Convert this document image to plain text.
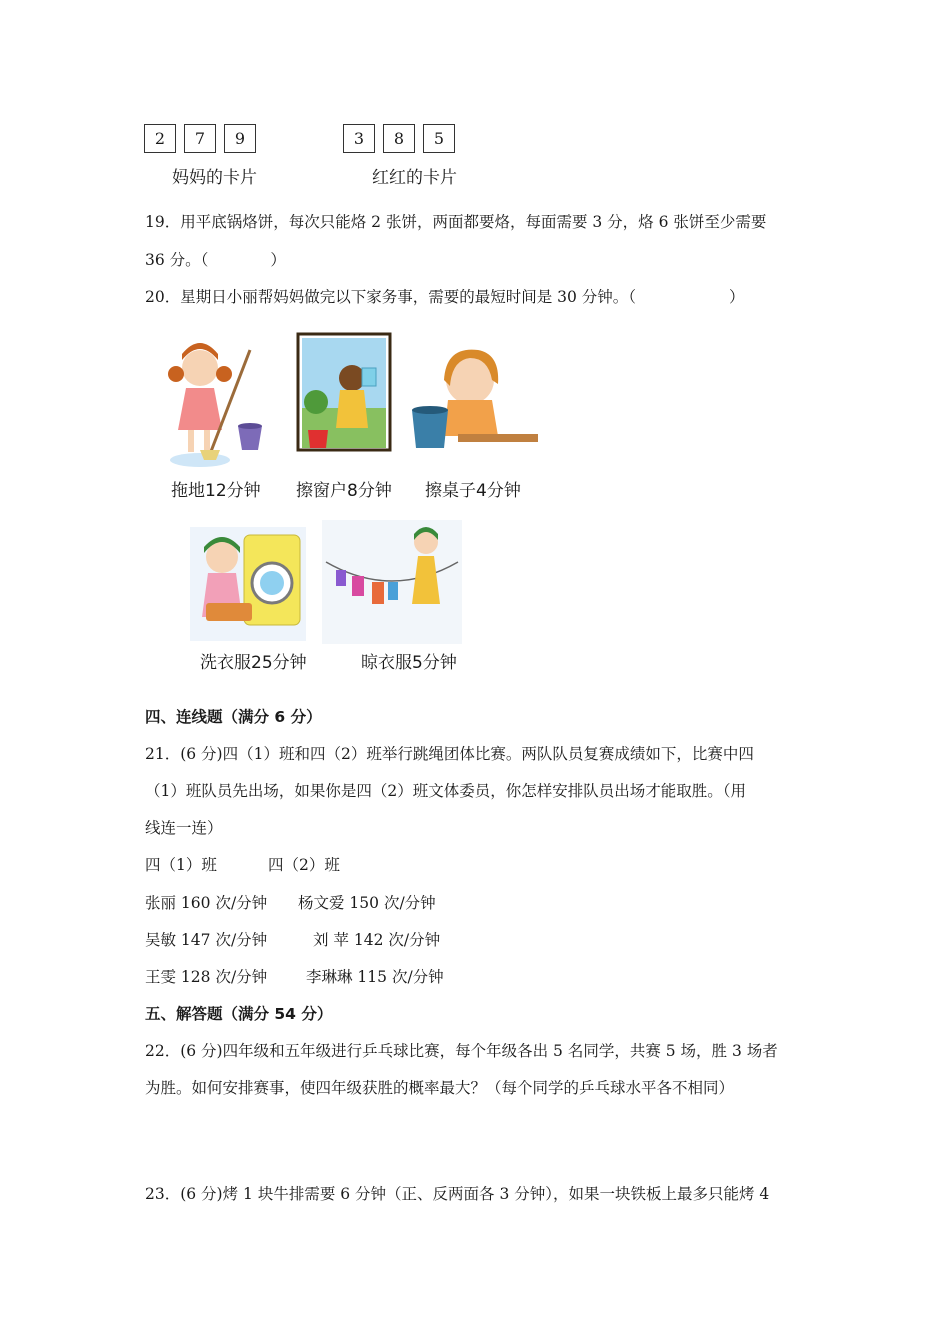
2	7	9
妈妈的卡片
3	8	5
红红的卡片
19．用平底锅烙饼，每次只能烙 2 张饼，两面都要烙，每面需要 3 分，烙 6 张饼至少需要
36 分。（　　　　）
20．星期日小丽帮妈妈做完以下家务事，需要的最短时间是 30 分钟。（　　　　　　）
拖地12分钟 擦窗户8分钟 擦桌子4分钟
洗衣服25分钟	晾衣服5分钟
四、连线题（满分 6 分）
21．(6 分)四（1）班和四（2）班举行跳绳团体比赛。两队队员复赛成绩如下，比赛中四
（1）班队员先出场，如果你是四（2）班文体委员，你怎样安排队员出场才能取胜。（用
线连一连）
四（1）班	四（2）班
张丽 160 次/分钟 杨文爱 150 次/分钟
吴敏 147 次/分钟	刘 苹 142 次/分钟
王雯 128 次/分钟	李琳琳 115 次/分钟
五、解答题（满分 54 分）
22．(6 分)四年级和五年级进行乒乓球比赛，每个年级各出 5 名同学，共赛 5 场，胜 3 场者
为胜。如何安排赛事，使四年级获胜的概率最大？（每个同学的乒乓球水平各不相同）
23．(6 分)烤 1 块牛排需要 6 分钟（正、反两面各 3 分钟），如果一块铁板上最多只能烤 4
